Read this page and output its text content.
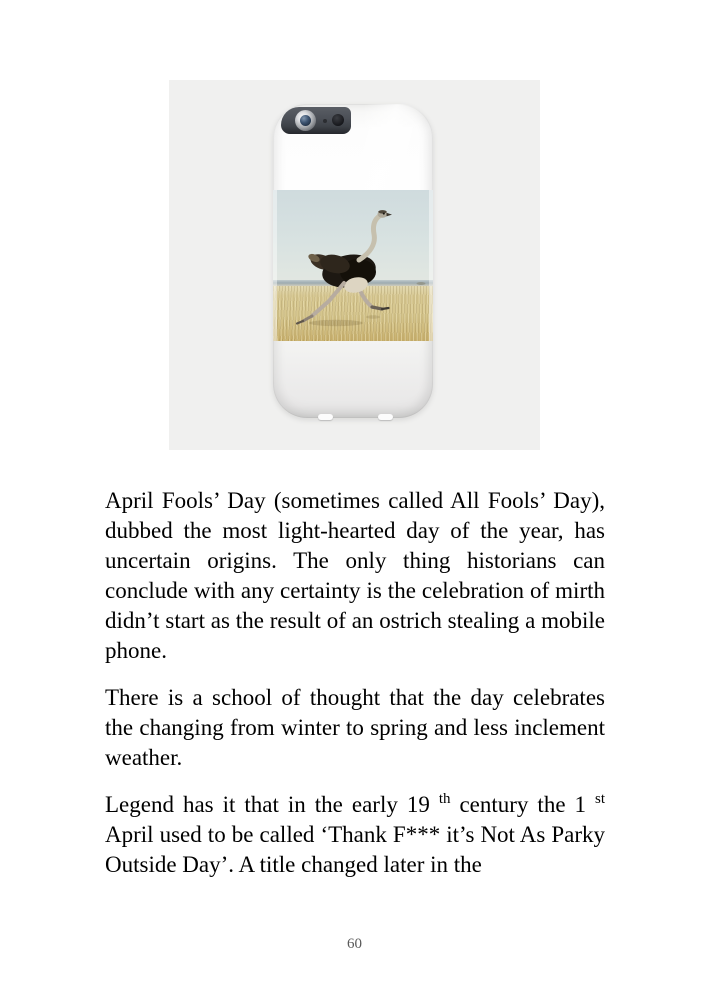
April Fools’ Day (sometimes called All Fools’ Day), dubbed the most light-hearted day of the year, has uncertain origins. The only thing historians can conclude with any certainty is the celebration of mirth didn’t start as the result of an ostrich stealing a mobile phone.

There is a school of thought that the day celebrates the changing from winter to spring and less inclement weather.

Legend has it that in the early 19 $^{th}$ century the 1 $^{st}$ April used to be called ‘Thank F*** it’s Not As Parky Outside Day’. A title changed later in the

60
